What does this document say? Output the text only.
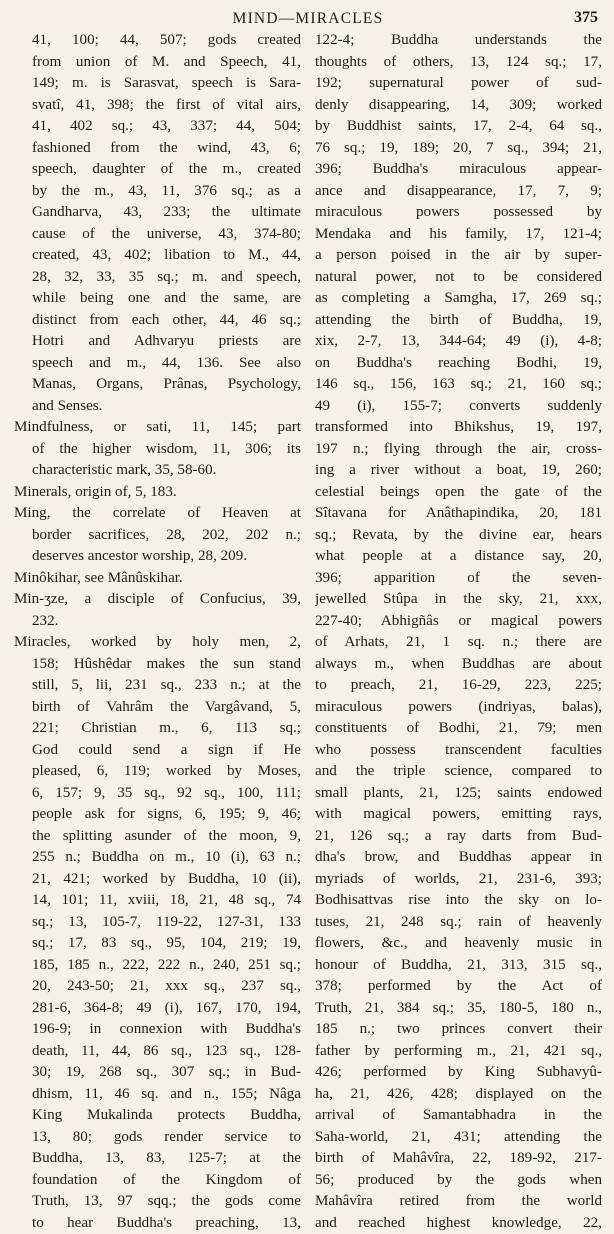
MIND—MIRACLES	375
41, 100; 44, 507; gods created
from union of M. and Speech, 41,
149; m. is Sarasvat, speech is Sara-
svatî, 41, 398; the first of vital airs,
41, 402 sq.; 43, 337; 44, 504;
fashioned from the wind, 43, 6;
speech, daughter of the m., created
by the m., 43, 11, 376 sq.; as a
Gandharva, 43, 233; the ultimate
cause of the universe, 43, 374-80;
created, 43, 402; libation to M., 44,
28, 32, 33, 35 sq.; m. and speech,
while being one and the same, are
distinct from each other, 44, 46 sq.;
Hotri and Adhvaryu priests are
speech and m., 44, 136. See also
Manas, Organs, Prânas, Psychology,
and Senses.
Mindfulness, or sati, 11, 145; part
of the higher wisdom, 11, 306; its
characteristic mark, 35, 58-60.
Minerals, origin of, 5, 183.
Ming, the correlate of Heaven at
border sacrifices, 28, 202, 202 n.;
deserves ancestor worship, 28, 209.
Minôkihar, see Mânûskihar.
Min-ʒze, a disciple of Confucius, 39,
232.
Miracles, worked by holy men, 2,
158; Hûshêdar makes the sun stand
still, 5, lii, 231 sq., 233 n.; at the
birth of Vahrâm the Vargâvand, 5,
221; Christian m., 6, 113 sq.;
God could send a sign if He
pleased, 6, 119; worked by Moses,
6, 157; 9, 35 sq., 92 sq., 100, 111;
people ask for signs, 6, 195; 9, 46;
the splitting asunder of the moon, 9,
255 n.; Buddha on m., 10 (i), 63 n.;
21, 421; worked by Buddha, 10 (ii),
14, 101; 11, xviii, 18, 21, 48 sq., 74
sq.; 13, 105-7, 119-22, 127-31, 133
sq.; 17, 83 sq., 95, 104, 219; 19,
185, 185 n., 222, 222 n., 240, 251 sq.;
20, 243-50; 21, xxx sq., 237 sq.,
281-6, 364-8; 49 (i), 167, 170, 194,
196-9; in connexion with Buddha's
death, 11, 44, 86 sq., 123 sq., 128-
30; 19, 268 sq., 307 sq.; in Bud-
dhism, 11, 46 sq. and n., 155; Nâga
King Mukalinda protects Buddha,
13, 80; gods render service to
Buddha, 13, 83, 125-7; at the
foundation of the Kingdom of
Truth, 13, 97 sqq.; the gods come
to hear Buddha's preaching, 13,
122-4; Buddha understands the
thoughts of others, 13, 124 sq.; 17,
192; supernatural power of sud-
denly disappearing, 14, 309; worked
by Buddhist saints, 17, 2-4, 64 sq.,
76 sq.; 19, 189; 20, 7 sq., 394; 21,
396; Buddha's miraculous appear-
ance and disappearance, 17, 7, 9;
miraculous powers possessed by
Mendaka and his family, 17, 121-4;
a person poised in the air by super-
natural power, not to be considered
as completing a Samgha, 17, 269 sq.;
attending the birth of Buddha, 19,
xix, 2-7, 13, 344-64; 49 (i), 4-8;
on Buddha's reaching Bodhi, 19,
146 sq., 156, 163 sq.; 21, 160 sq.;
49 (i), 155-7; converts suddenly
transformed into Bhikshus, 19, 197,
197 n.; flying through the air, cross-
ing a river without a boat, 19, 260;
celestial beings open the gate of the
Sîtavana for Anâthapindika, 20, 181
sq.; Revata, by the divine ear, hears
what people at a distance say, 20,
396; apparition of the seven-
jewelled Stûpa in the sky, 21, xxx,
227-40; Abhigñâs or magical powers
of Arhats, 21, 1 sq. n.; there are
always m., when Buddhas are about
to preach, 21, 16-29, 223, 225;
miraculous powers (indriyas, balas),
constituents of Bodhi, 21, 79; men
who possess transcendent faculties
and the triple science, compared to
small plants, 21, 125; saints endowed
with magical powers, emitting rays,
21, 126 sq.; a ray darts from Bud-
dha's brow, and Buddhas appear in
myriads of worlds, 21, 231-6, 393;
Bodhisattvas rise into the sky on lo-
tuses, 21, 248 sq.; rain of heavenly
flowers, &c., and heavenly music in
honour of Buddha, 21, 313, 315 sq.,
378; performed by the Act of
Truth, 21, 384 sq.; 35, 180-5, 180 n.,
185 n.; two princes convert their
father by performing m., 21, 421 sq.,
426; performed by King Subhavyû-
ha, 21, 426, 428; displayed on the
arrival of Samantabhadra in the
Saha-world, 21, 431; attending the
birth of Mahâvîra, 22, 189-92, 217-
56; produced by the gods when
Mahâvîra retired from the world
and reached highest knowledge, 22,
